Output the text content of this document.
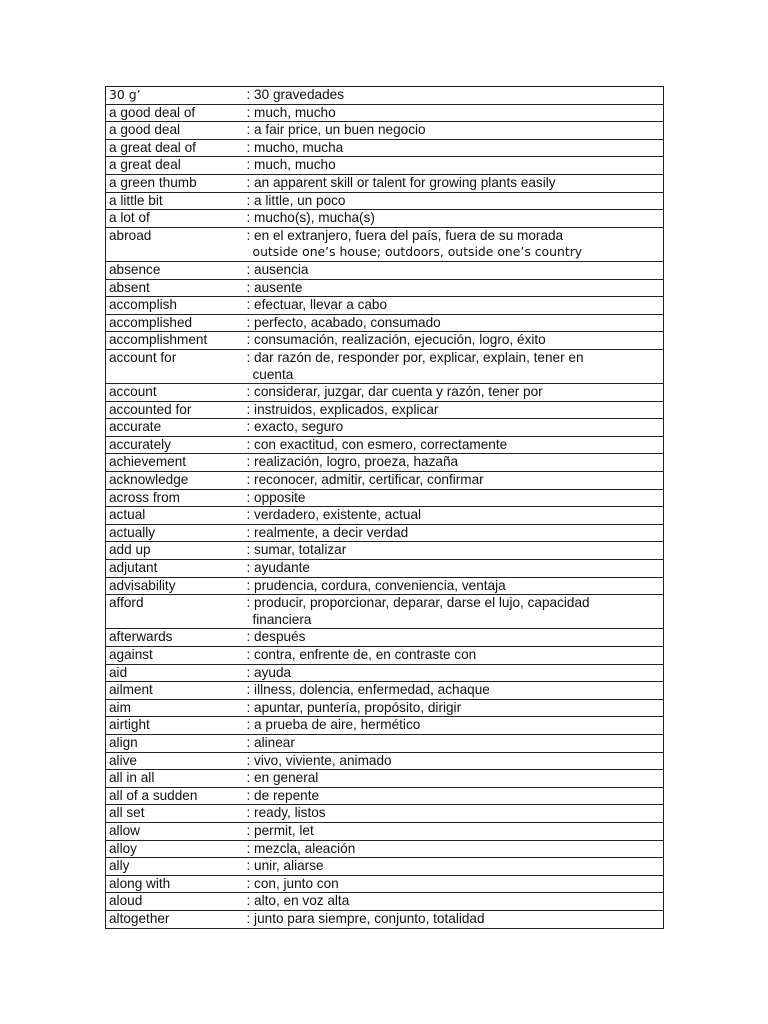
30 g’	: 30 gravedades

a good deal of	: much, mucho

a good deal	: a fair price, un buen negocio

a great deal of	: mucho, mucha

a great deal	: much, mucho

a green thumb	: an apparent skill or talent for growing plants easily

a little bit	: a little, un poco

a lot of	: mucho(s), mucha(s)

abroad	: en el extranjero, fuera del país, fuera de su morada
outside one’s house; outdoors, outside one’s country

absence	: ausencia

absent	: ausente

accomplish	: efectuar, llevar a cabo

accomplished	: perfecto, acabado, consumado

accomplishment	: consumación, realización, ejecución, logro, éxito

account for	: dar razón de, responder por, explicar, explain, tener en
cuenta

account	: considerar, juzgar, dar cuenta y razón, tener por

accounted for	: instruidos, explicados, explicar

accurate	: exacto, seguro

accurately	: con exactitud, con esmero, correctamente

achievement	: realización, logro, proeza, hazaña

acknowledge	: reconocer, admitir, certificar, confirmar

across from	: opposite

actual	: verdadero, existente, actual

actually	: realmente, a decir verdad

add up	: sumar, totalizar

adjutant	: ayudante

advisability	: prudencia, cordura, conveniencia, ventaja

afford	: producir, proporcionar, deparar, darse el lujo, capacidad
financiera

afterwards	: después

against	: contra, enfrente de, en contraste con

aid	: ayuda

ailment	: illness, dolencia, enfermedad, achaque

aim	: apuntar, puntería, propósito, dirigir

airtight	: a prueba de aire, hermético

align	: alinear

alive	: vivo, viviente, animado

all in all	: en general

all of a sudden	: de repente

all set	: ready, listos

allow	: permit, let

alloy	: mezcla, aleación

ally	: unir, aliarse

along with	: con, junto con

aloud	: alto, en voz alta

altogether	: junto para siempre, conjunto, totalidad
